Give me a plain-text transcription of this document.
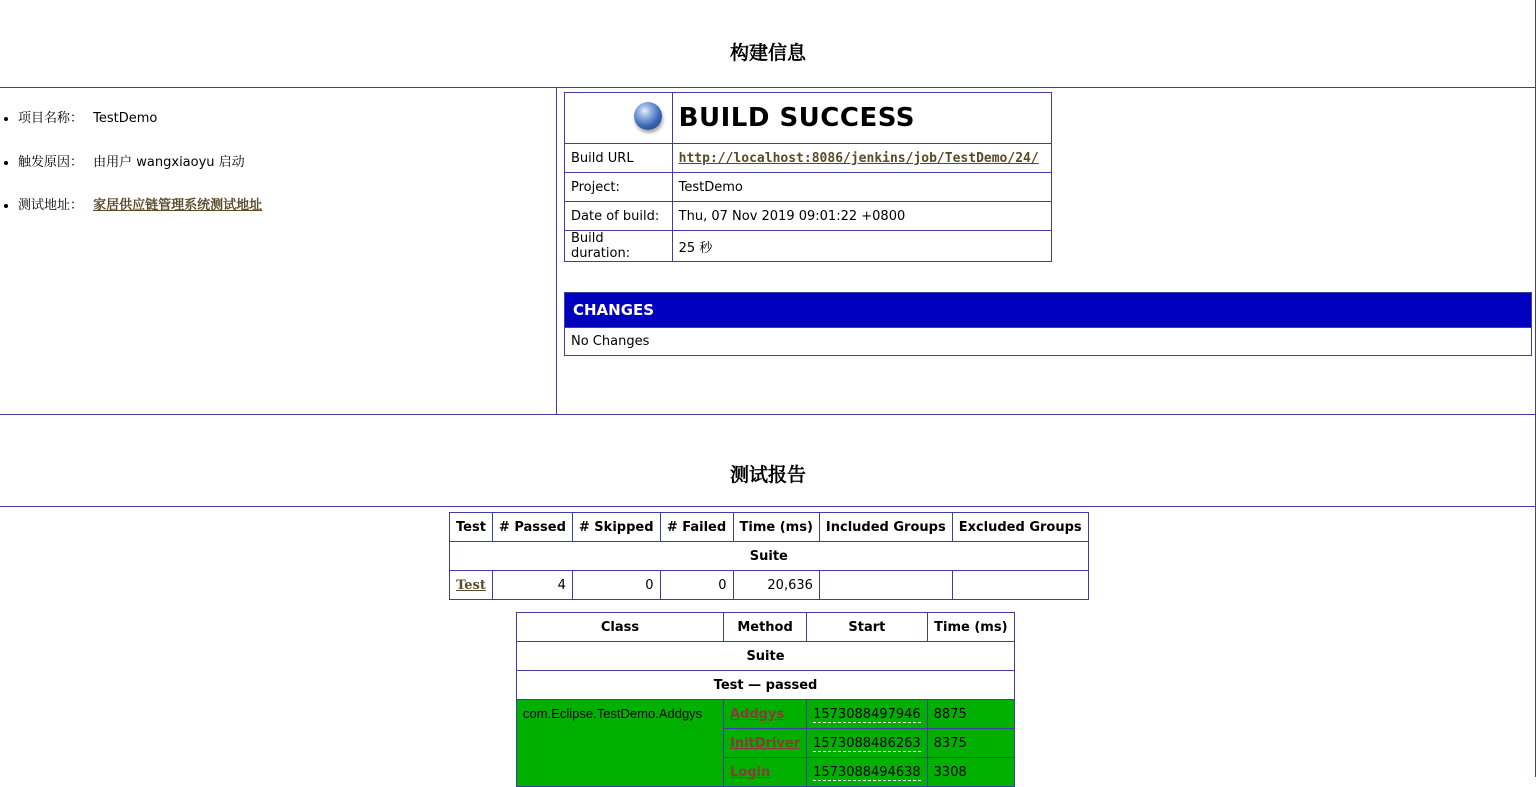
构建信息
• 项目名称： TestDemo
• 触发原因： 由用户 wangxiaoyu 启动
• 测试地址： 家居供应链管理系统测试地址
	BUILD SUCCESS
Build URL	http://localhost:8086/jenkins/job/TestDemo/24/
Project:	TestDemo
Date of build:	Thu, 07 Nov 2019 09:01:22 +0800
Build duration:	25 秒
CHANGES
No Changes
测试报告
Test	# Passed	# Skipped	# Failed	Time (ms)	Included Groups	Excluded Groups
Suite						
Test	4	0	0	20,636		
Class	Method	Start	Time (ms)
Suite			
Test — passed			
com.Eclipse.TestDemo.Addgys	Addgys	1573088497946	8875
	InitDriver	1573088486263	8375
	Login	1573088494638	3308
